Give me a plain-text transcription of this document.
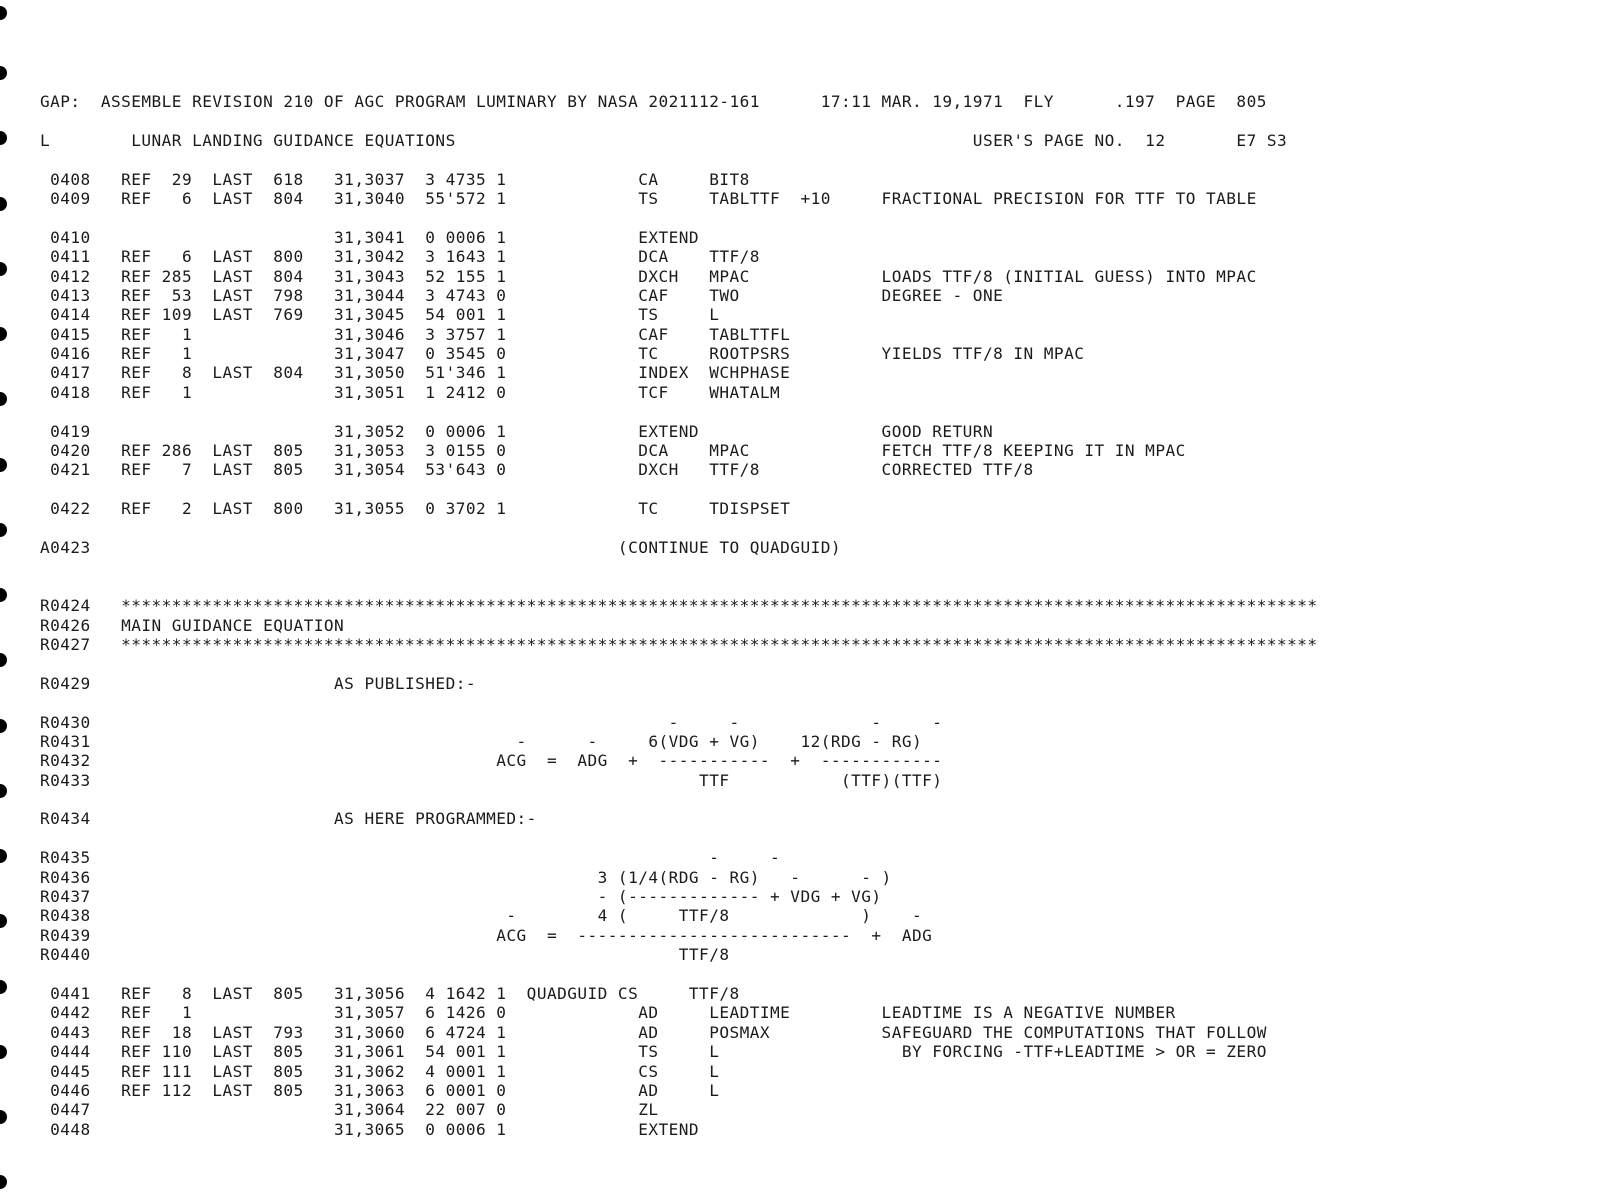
GAP:  ASSEMBLE REVISION 210 OF AGC PROGRAM LUMINARY BY NASA 2021112-161      17:11 MAR. 19,1971  FLY      .197  PAGE  805
L        LUNAR LANDING GUIDANCE EQUATIONS                                                   USER'S PAGE NO.  12       E7 S3
0408   REF  29  LAST  618   31,3037  3 4735 1             CA     BIT8
0409   REF   6  LAST  804   31,3040  55'572 1             TS     TABLTTF  +10     FRACTIONAL PRECISION FOR TTF TO TABLE
0410                        31,3041  0 0006 1             EXTEND
0411   REF   6  LAST  800   31,3042  3 1643 1             DCA    TTF/8
0412   REF 285  LAST  804   31,3043  52 155 1             DXCH   MPAC             LOADS TTF/8 (INITIAL GUESS) INTO MPAC
0413   REF  53  LAST  798   31,3044  3 4743 0             CAF    TWO              DEGREE - ONE
0414   REF 109  LAST  769   31,3045  54 001 1             TS     L
0415   REF   1              31,3046  3 3757 1             CAF    TABLTTFL
0416   REF   1              31,3047  0 3545 0             TC     ROOTPSRS         YIELDS TTF/8 IN MPAC
0417   REF   8  LAST  804   31,3050  51'346 1             INDEX  WCHPHASE
0418   REF   1              31,3051  1 2412 0             TCF    WHATALM
0419                        31,3052  0 0006 1             EXTEND                  GOOD RETURN
0420   REF 286  LAST  805   31,3053  3 0155 0             DCA    MPAC             FETCH TTF/8 KEEPING IT IN MPAC
0421   REF   7  LAST  805   31,3054  53'643 0             DXCH   TTF/8            CORRECTED TTF/8
0422   REF   2  LAST  800   31,3055  0 3702 1             TC     TDISPSET
A0423                                                    (CONTINUE TO QUADGUID)
R0424   **********************************************************************************************************************
R0426   MAIN GUIDANCE EQUATION
R0427   **********************************************************************************************************************
R0429                        AS PUBLISHED:-
R0430                                                         -     -             -     -
R0431                                          -      -     6(VDG + VG)    12(RDG - RG)
R0432                                        ACG  =  ADG  +  -----------  +  ------------
R0433                                                            TTF           (TTF)(TTF)
R0434                        AS HERE PROGRAMMED:-
R0435                                                             -     -
R0436                                                  3 (1/4(RDG - RG)   -      - )
R0437                                                  - (------------- + VDG + VG)
R0438                                         -        4 (     TTF/8             )    -
R0439                                        ACG  =  ---------------------------  +  ADG
R0440                                                          TTF/8
0441   REF   8  LAST  805   31,3056  4 1642 1  QUADGUID CS     TTF/8
0442   REF   1              31,3057  6 1426 0             AD     LEADTIME         LEADTIME IS A NEGATIVE NUMBER
0443   REF  18  LAST  793   31,3060  6 4724 1             AD     POSMAX           SAFEGUARD THE COMPUTATIONS THAT FOLLOW
0444   REF 110  LAST  805   31,3061  54 001 1             TS     L                  BY FORCING -TTF+LEADTIME > OR = ZERO
0445   REF 111  LAST  805   31,3062  4 0001 1             CS     L
0446   REF 112  LAST  805   31,3063  6 0001 0             AD     L
0447                        31,3064  22 007 0             ZL
0448                        31,3065  0 0006 1             EXTEND
